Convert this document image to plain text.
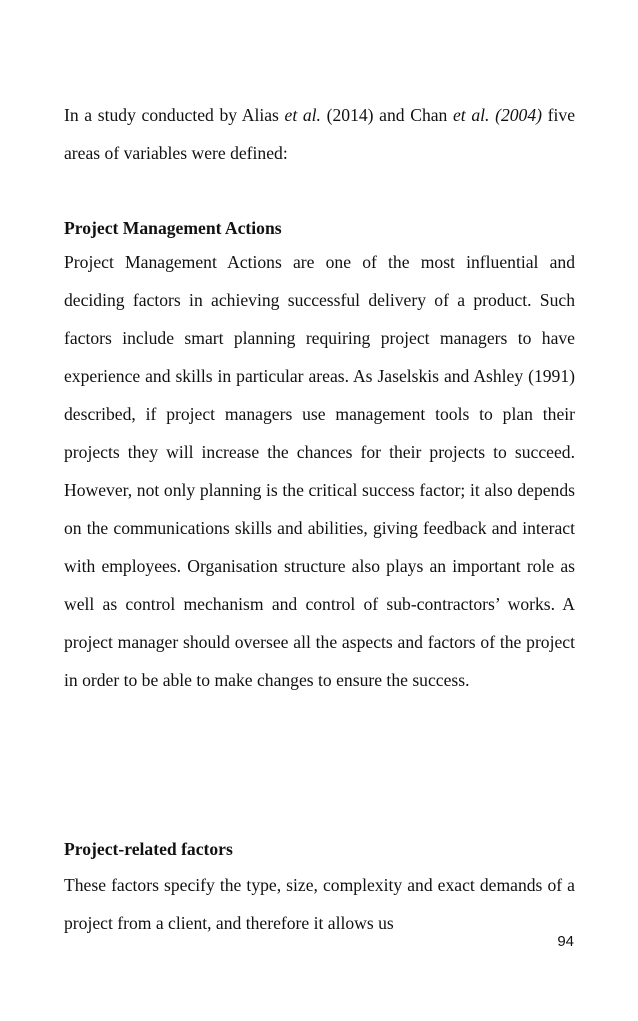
In a study conducted by Alias et al. (2014) and Chan et al. (2004) five areas of variables were defined:

Project Management Actions

Project Management Actions are one of the most influential and deciding factors in achieving successful delivery of a product. Such factors include smart planning requiring project managers to have experience and skills in particular areas. As Jaselskis and Ashley (1991) described, if project managers use management tools to plan their projects they will increase the chances for their projects to succeed. However, not only planning is the critical success factor; it also depends on the communications skills and abilities, giving feedback and interact with employees. Organisation structure also plays an important role as well as control mechanism and control of sub-contractors’ works. A project manager should oversee all the aspects and factors of the project in order to be able to make changes to ensure the success.

Project-related factors

These factors specify the type, size, complexity and exact demands of a project from a client, and therefore it allows us

94
